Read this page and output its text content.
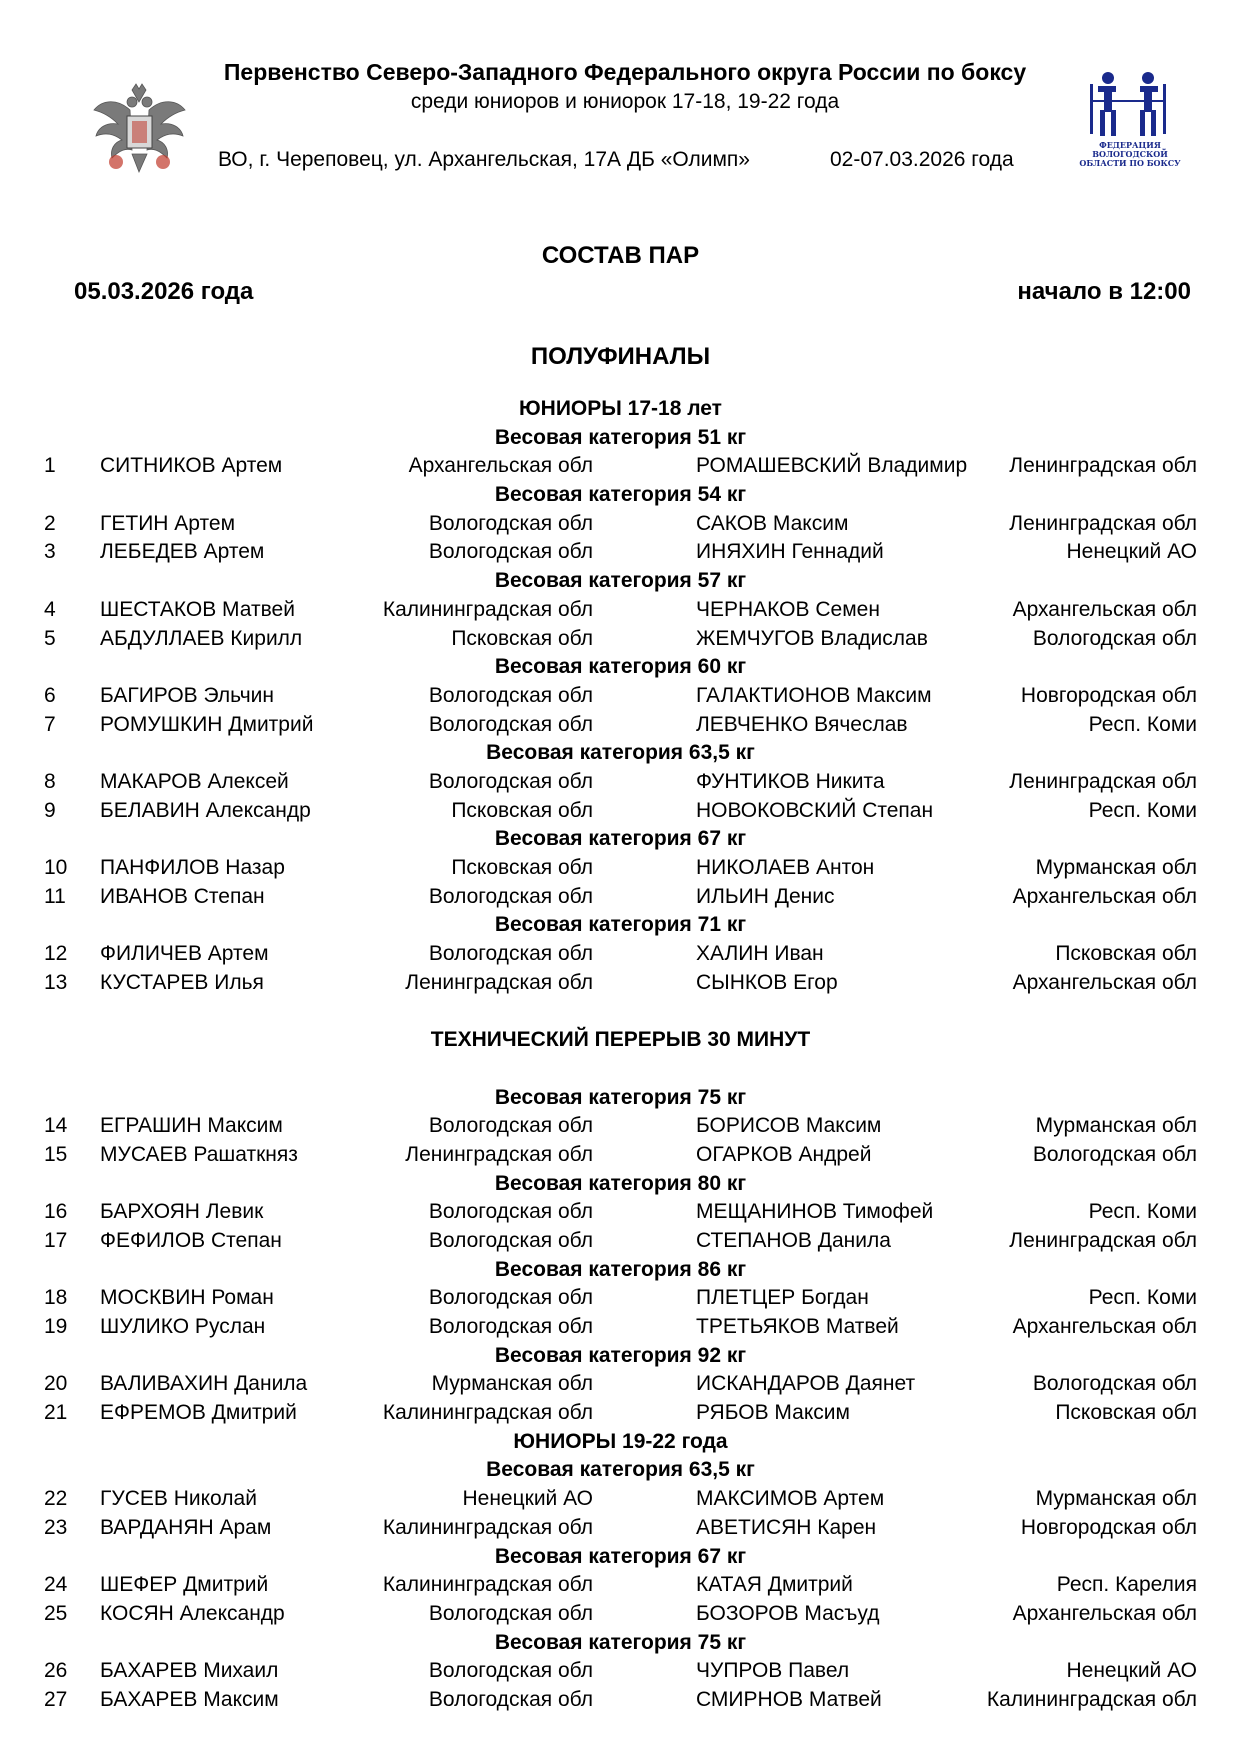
Первенство Северо-Западного Федерального округа России по боксу
среди юниоров и юниорок 17-18, 19-22 года
ВО, г. Череповец, ул. Архангельская, 17А ДБ «Олимп»	02-07.03.2026 года
ФЕДЕРАЦИЯ
ВОЛОГОДСКОЙ
ОБЛАСТИ ПО БОКСУ
СОСТАВ ПАР
05.03.2026 года	начало в 12:00
ПОЛУФИНАЛЫ
ЮНИОРЫ 17-18 лет
Весовая категория 51 кг
1 СИТНИКОВ Артем	Архангельская обл	РОМАШЕВСКИЙ Владимир Ленинградская обл
Весовая категория 54 кг
2 ГЕТИН Артем	Вологодская обл	САКОВ Максим	Ленинградская обл
3 ЛЕБЕДЕВ Артем	Вологодская обл	ИНЯХИН Геннадий	Ненецкий АО
Весовая категория 57 кг
4 ШЕСТАКОВ Матвей	Калининградская обл	ЧЕРНАКОВ Семен	Архангельская обл
5 АБДУЛЛАЕВ Кирилл	Псковская обл	ЖЕМЧУГОВ Владислав	Вологодская обл
Весовая категория 60 кг
6 БАГИРОВ Эльчин	Вологодская обл	ГАЛАКТИОНОВ Максим	Новгородская обл
7 РОМУШКИН Дмитрий	Вологодская обл	ЛЕВЧЕНКО Вячеслав	Респ. Коми
Весовая категория 63,5 кг
8 МАКАРОВ Алексей	Вологодская обл	ФУНТИКОВ Никита	Ленинградская обл
9 БЕЛАВИН Александр	Псковская обл	НОВОКОВСКИЙ Степан	Респ. Коми
Весовая категория 67 кг
10 ПАНФИЛОВ Назар	Псковская обл	НИКОЛАЕВ Антон	Мурманская обл
11 ИВАНОВ Степан	Вологодская обл	ИЛЬИН Денис	Архангельская обл
Весовая категория 71 кг
12 ФИЛИЧЕВ Артем	Вологодская обл	ХАЛИН Иван	Псковская обл
13 КУСТАРЕВ Илья	Ленинградская обл	СЫНКОВ Егор	Архангельская обл
ТЕХНИЧЕСКИЙ ПЕРЕРЫВ 30 МИНУТ
Весовая категория 75 кг
14 ЕГРАШИН Максим	Вологодская обл	БОРИСОВ Максим	Мурманская обл
15 МУСАЕВ Рашаткняз	Ленинградская обл	ОГАРКОВ Андрей	Вологодская обл
Весовая категория 80 кг
16 БАРХОЯН Левик	Вологодская обл	МЕЩАНИНОВ Тимофей	Респ. Коми
17 ФЕФИЛОВ Степан	Вологодская обл	СТЕПАНОВ Данила	Ленинградская обл
Весовая категория 86 кг
18 МОСКВИН Роман	Вологодская обл	ПЛЕТЦЕР Богдан	Респ. Коми
19 ШУЛИКО Руслан	Вологодская обл	ТРЕТЬЯКОВ Матвей	Архангельская обл
Весовая категория 92 кг
20 ВАЛИВАХИН Данила	Мурманская обл	ИСКАНДАРОВ Даянет	Вологодская обл
21 ЕФРЕМОВ Дмитрий	Калининградская обл	РЯБОВ Максим	Псковская обл
ЮНИОРЫ 19-22 года
Весовая категория 63,5 кг
22 ГУСЕВ Николай	Ненецкий АО	МАКСИМОВ Артем	Мурманская обл
23 ВАРДАНЯН Арам	Калининградская обл	АВЕТИСЯН Карен	Новгородская обл
Весовая категория 67 кг
24 ШЕФЕР Дмитрий	Калининградская обл	КАТАЯ Дмитрий	Респ. Карелия
25 КОСЯН Александр	Вологодская обл	БОЗОРОВ Масъуд	Архангельская обл
Весовая категория 75 кг
26 БАХАРЕВ Михаил	Вологодская обл	ЧУПРОВ Павел	Ненецкий АО
27 БАХАРЕВ Максим	Вологодская обл	СМИРНОВ Матвей	Калининградская обл
